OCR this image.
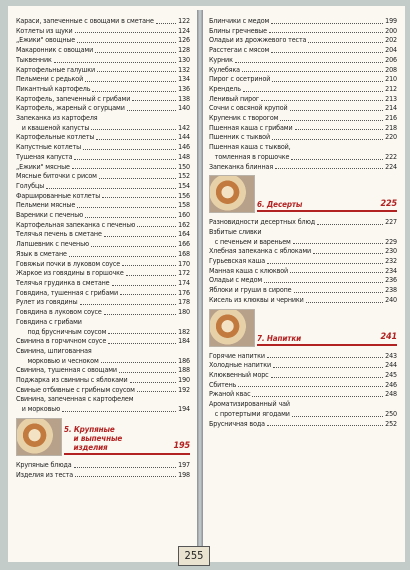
Караси, запеченные с овощами в сметане	122
Котлеты из щуки	124
„Ежики" овощные	126
Макаронник с овощами	128
Тыквенник	130
Картофельные галушки	132
Пельмени с редькой	134
Пикантный картофель	136
Картофель, запеченный с грибами	138
Картофель, жареный с огурцами	140
Запеканка из картофеля
и квашеной капусты	142
Картофельные котлеты	144
Капустные котлеты	146
Тушеная капуста	148
„Ежики" мясные	150
Мясные биточки с рисом	152
Голубцы	154
Фаршированные котлеты	156
Пельмени мясные	158
Вареники с печенью	160
Картофельная запеканка с печенью	162
Телячья печень в сметане	164
Лапшевник с печенью	166
Язык в сметане	168
Говяжьи почки в луковом соусе	170
Жаркое из говядины в горшочке	172
Телячья грудинка в сметане	174
Говядина, тушенная с грибами	176
Рулет из говядины	178
Говядина в луковом соусе	180
Говядина с грибами
под брусничным соусом	182
Свинина в горчичном соусе	184
Свинина, шпигованная
морковью и чесноком	186
Свинина, тушенная с овощами	188
Поджарка из свинины с яблоками	190
Свиные отбивные с грибным соусом	192
Свинина, запеченная с картофелем
и морковью	194
5. Крупяные
и выпечные
изделия	195
Крупяные блюда	197
Изделия из теста	198
Блинчики с медом	199
Блины гречневые	200
Оладьи из дрожжевого теста	202
Расстегаи с мясом	204
Курник	206
Кулебяка	208
Пирог с осетриной	210
Крендель	212
Ленивый пирог	213
Сочни с овсяной крупой	214
Крупеник с творогом	216
Пшенная каша с грибами	218
Пшенник с тыквой	220
Пшенная каша с тыквой,
томленная в горшочке	222
Запеканка блинная	224
6. Десерты	225
Разновидности десертных блюд	227
Взбитые сливки
с печеньем и вареньем	229
Хлебная запеканка с яблоками	230
Гурьевская каша	232
Манная каша с клюквой	234
Оладьи с медом	236
Яблоки и груши в сиропе	238
Кисель из клюквы и черники	240
7. Напитки	241
Горячие напитки	243
Холодные напитки	244
Клюквенный морс	245
Сбитень	246
Ржаной квас	248
Ароматизированный чай
с протертыми ягодами	250
Брусничная вода	252
255
